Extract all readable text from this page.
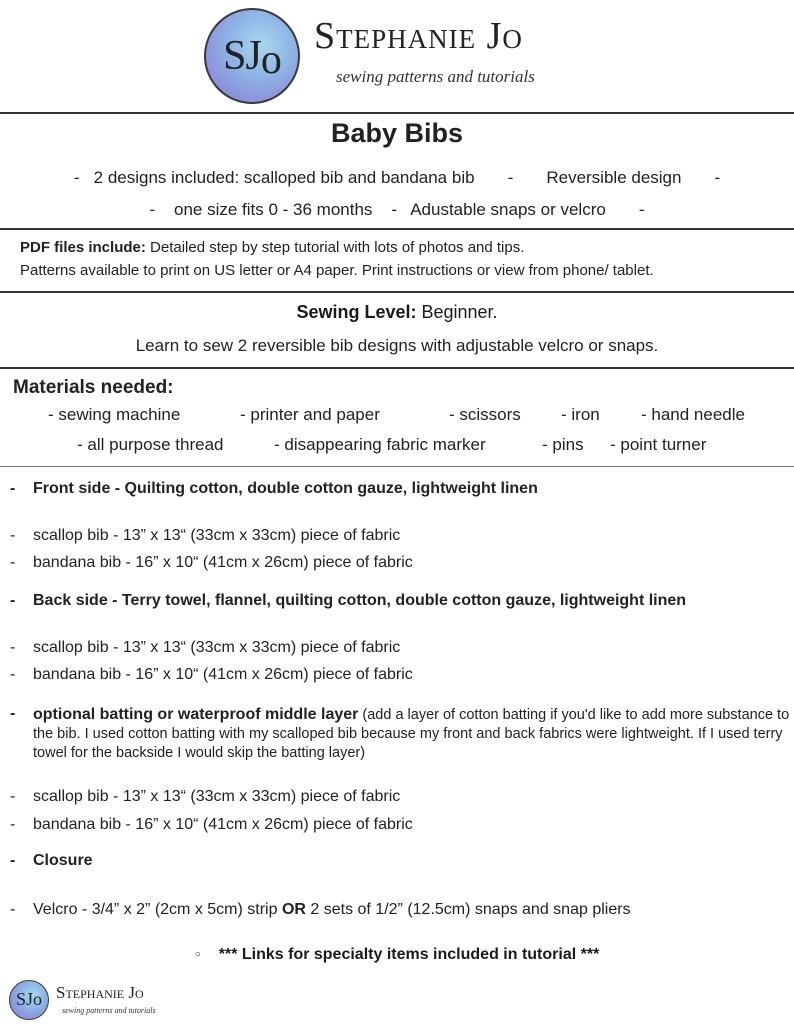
SJo
Stephanie Jo
sewing patterns and tutorials
Baby Bibs
-   2 designs included: scalloped bib and bandana bib       -       Reversible design       -
-    one size fits 0 - 36 months    -   Adustable snaps or velcro       -
PDF files include: Detailed step by step tutorial with lots of photos and tips.
Patterns available to print on US letter or A4 paper. Print instructions or view from phone/ tablet.
Sewing Level: Beginner.
Learn to sew 2 reversible bib designs with adjustable velcro or snaps.
Materials needed:
- sewing machine	- printer and paper	- scissors - iron - hand needle
- all purpose thread	- disappearing fabric marker	- pins - point turner
- Front side - Quilting cotton, double cotton gauze, lightweight linen
- scallop bib - 13” x 13“ (33cm x 33cm) piece of fabric
- bandana bib - 16” x 10“ (41cm x 26cm) piece of fabric
- Back side - Terry towel, flannel, quilting cotton, double cotton gauze, lightweight linen
- scallop bib - 13” x 13“ (33cm x 33cm) piece of fabric
- bandana bib - 16” x 10“ (41cm x 26cm) piece of fabric
-	optional batting or waterproof middle layer (add a layer of cotton batting if you'd like to add more substance to the bib. I used cotton batting with my scalloped bib because my front and back fabrics were lightweight. If I used terry towel for the backside I would skip the batting layer)
- scallop bib - 13” x 13“ (33cm x 33cm) piece of fabric
- bandana bib - 16” x 10“ (41cm x 26cm) piece of fabric
- Closure
- Velcro - 3/4” x 2” (2cm x 5cm) strip OR 2 sets of 1/2” (12.5cm) snaps and snap pliers
○ *** Links for specialty items included in tutorial ***
SJo Stephanie Jo
sewing patterns and tutorials
